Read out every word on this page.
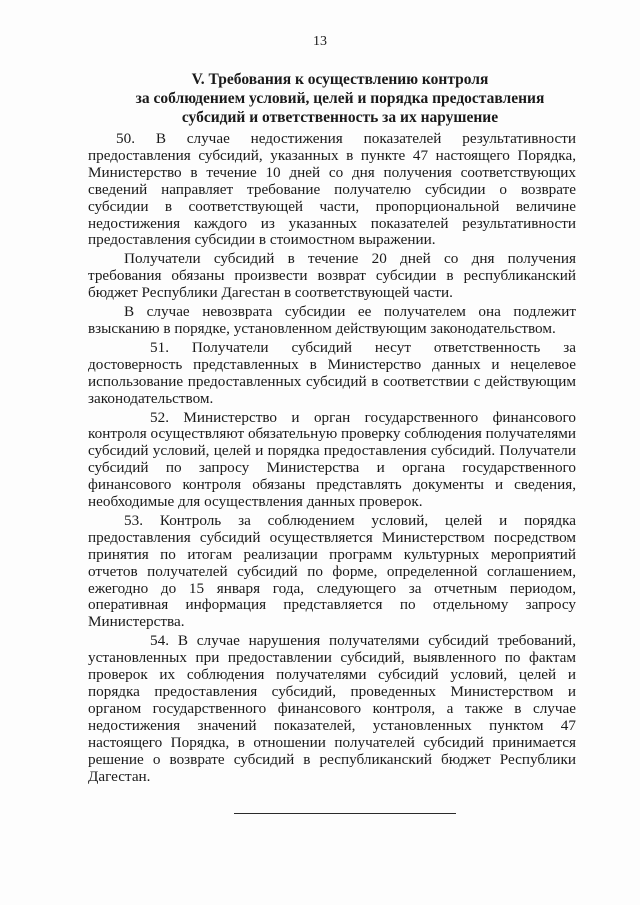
13
V. Требования к осуществлению контроля
за соблюдением условий, целей и порядка предоставления
субсидий и ответственность за их нарушение

50. В случае недостижения показателей результативности предоставления субсидий, указанных в пункте 47 настоящего Порядка, Министерство в течение 10 дней со дня получения соответствующих сведений направляет требование получателю субсидии о возврате субсидии в соответствующей части, пропорциональной величине недостижения каждого из указанных показателей результативности предоставления субсидии в стоимостном выражении.

Получатели субсидий в течение 20 дней со дня получения требования обязаны произвести возврат субсидии в республиканский бюджет Республики Дагестан в соответствующей части.

В случае невозврата субсидии ее получателем она подлежит взысканию в порядке, установленном действующим законодательством.

51. Получатели субсидий несут ответственность за достоверность представленных в Министерство данных и нецелевое использование предоставленных субсидий в соответствии с действующим законодательством.

52. Министерство и орган государственного финансового контроля осуществляют обязательную проверку соблюдения получателями субсидий условий, целей и порядка предоставления субсидий. Получатели субсидий по запросу Министерства и органа государственного финансового контроля обязаны представлять документы и сведения, необходимые для осуществления данных проверок.

53. Контроль за соблюдением условий, целей и порядка предоставления субсидий осуществляется Министерством посредством принятия по итогам реализации программ культурных мероприятий отчетов получателей субсидий по форме, определенной соглашением, ежегодно до 15 января года, следующего за отчетным периодом, оперативная информация представляется по отдельному запросу Министерства.

54. В случае нарушения получателями субсидий требований, установленных при предоставлении субсидий, выявленного по фактам проверок их соблюдения получателями субсидий условий, целей и порядка предоставления субсидий, проведенных Министерством и органом государственного финансового контроля, а также в случае недостижения значений показателей, установленных пунктом 47 настоящего Порядка, в отношении получателей субсидий принимается решение о возврате субсидий в республиканский бюджет Республики Дагестан.
